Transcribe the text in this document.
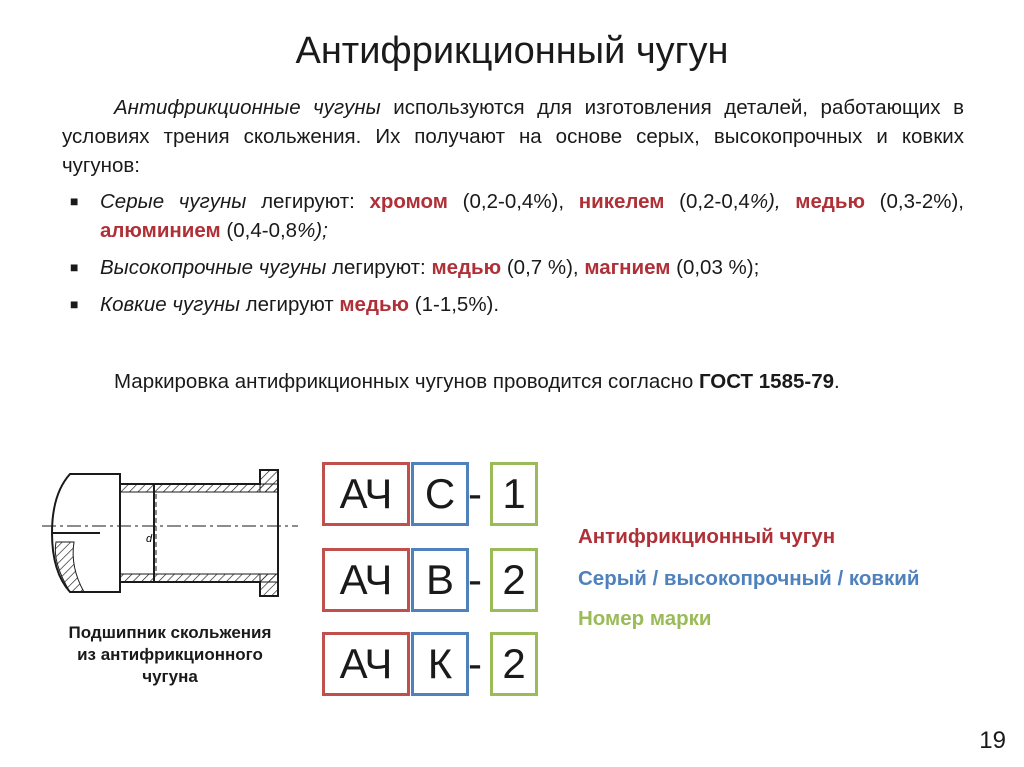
Антифрикционный чугун
Антифрикционные чугуны используются для изготовления деталей, работающих в условиях трения скольжения. Их получают на основе серых, высокопрочных и ковких чугунов:
■ Серые чугуны легируют: хромом (0,2-0,4%), никелем (0,2-0,4%), медью (0,3-2%), алюминием (0,4-0,8%);
■ Высокопрочные чугуны легируют: медью (0,7 %), магнием (0,03 %);
■ Ковкие чугуны легируют медью (1-1,5%).
Маркировка антифрикционных чугунов проводится согласно ГОСТ 1585-79.
d
Подшипник скольжения
из антифрикционного
чугуна
АЧ С - 1
АЧ В - 2
АЧ К - 2
Антифрикционный чугун
Серый / высокопрочный / ковкий
Номер марки
19
